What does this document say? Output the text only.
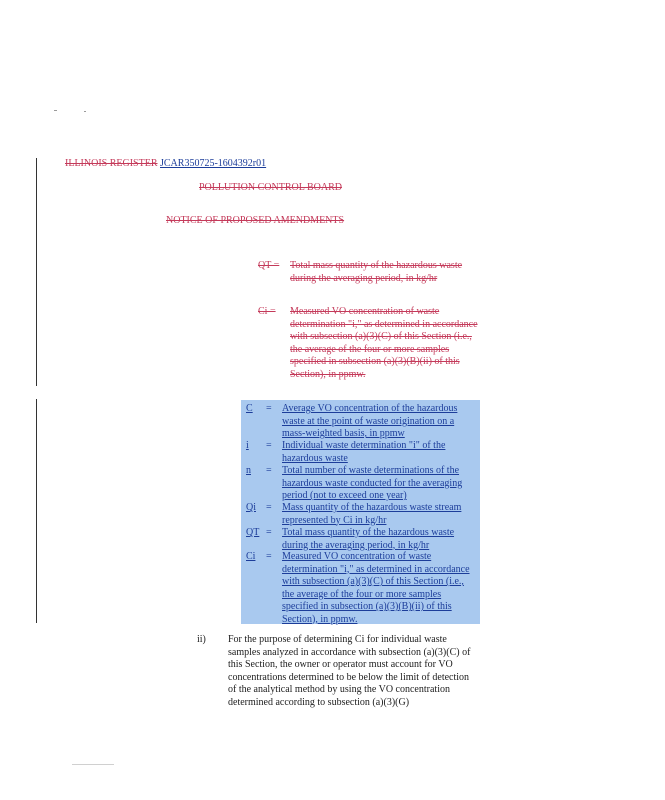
ILLINOIS REGISTER JCAR350725-1604392r01
POLLUTION CONTROL BOARD
NOTICE OF PROPOSED AMENDMENTS
QT = Total mass quantity of the hazardous waste during the averaging period, in kg/hr
Ci = Measured VO concentration of waste determination "i," as determined in accordance with subsection (a)(3)(C) of this Section (i.e., the average of the four or more samples specified in subsection (a)(3)(B)(ii) of this Section), in ppmw.
C = Average VO concentration of the hazardous waste at the point of waste origination on a mass-weighted basis, in ppmw
i = Individual waste determination "i" of the hazardous waste
n = Total number of waste determinations of the hazardous waste conducted for the averaging period (not to exceed one year)
Qi = Mass quantity of the hazardous waste stream represented by Ci in kg/hr
QT = Total mass quantity of the hazardous waste during the averaging period, in kg/hr
Ci = Measured VO concentration of waste determination "i," as determined in accordance with subsection (a)(3)(C) of this Section (i.e., the average of the four or more samples specified in subsection (a)(3)(B)(ii) of this Section), in ppmw.
ii) For the purpose of determining Ci for individual waste samples analyzed in accordance with subsection (a)(3)(C) of this Section, the owner or operator must account for VO concentrations determined to be below the limit of detection of the analytical method by using the VO concentration determined according to subsection (a)(3)(G)
